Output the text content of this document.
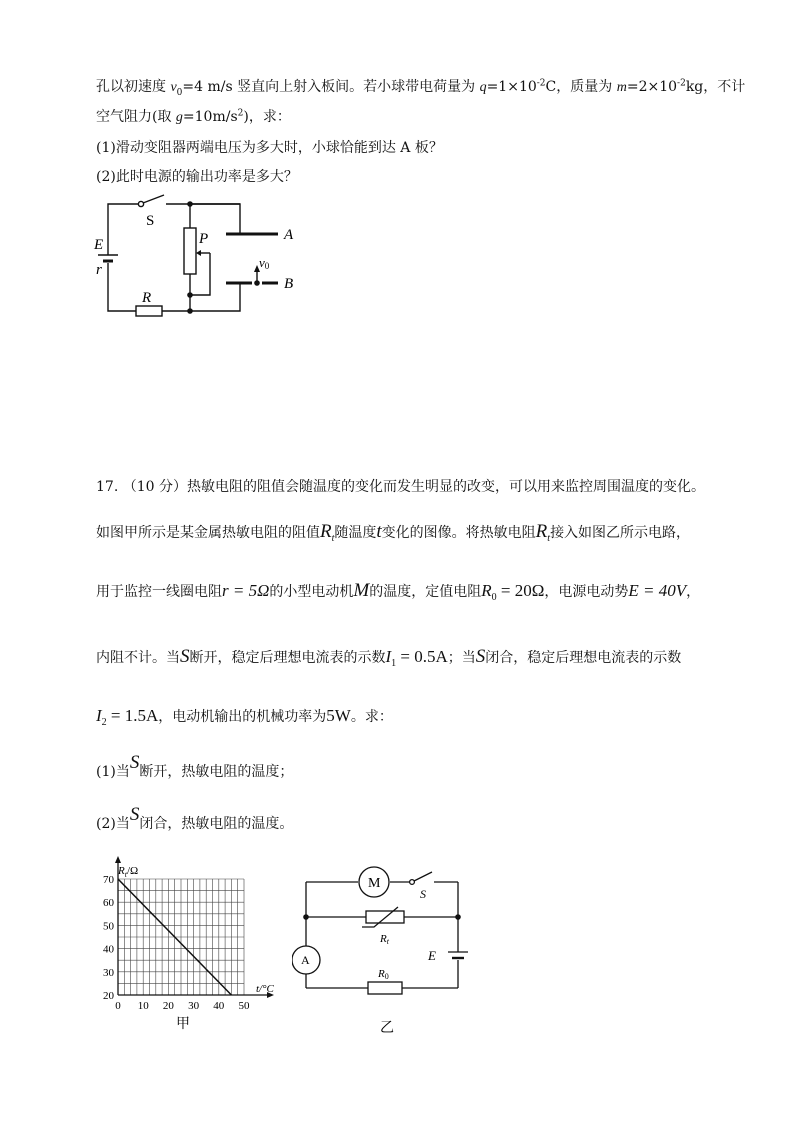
孔以初速度 $v_0=4$ m/s 竖直向上射入板间。若小球带电荷量为 $q=1\times 10^{-2}C$，质量为 $m=2\times 10^{-2}kg$，不计
空气阻力(取 $g=10m/s^2$)，求：
(1)滑动变阻器两端电压为多大时，小球恰能到达 A 板？
(2)此时电源的输出功率是多大？
S
E
r
R
P	A
B
v0
17. （10 分）热敏电阻的阻值会随温度的变化而发生明显的改变，可以用来监控周围温度的变化。
如图甲所示是某金属热敏电阻的阻值$R_t$随温度t变化的图像。将热敏电阻$R_t$接入如图乙所示电路，
用于监控一线圈电阻r = 5Ω的小型电动机M的温度，定值电阻$R_0 = 20\Omega$，电源电动势E = 40V，
内阻不计。当S断开，稳定后理想电流表的示数$I_1 = 0.5A$；当S闭合，稳定后理想电流表的示数
$I_2 = 1.5A$，电动机输出的机械功率为5W。求：
(1)当S断开，热敏电阻的温度；
(2)当S闭合，热敏电阻的温度。
70
60
50
40
30
20
0 10 20 30 40 50
$R_t/\Omega$
t/°C
甲
M
S
A	E
Rt
R0
乙
